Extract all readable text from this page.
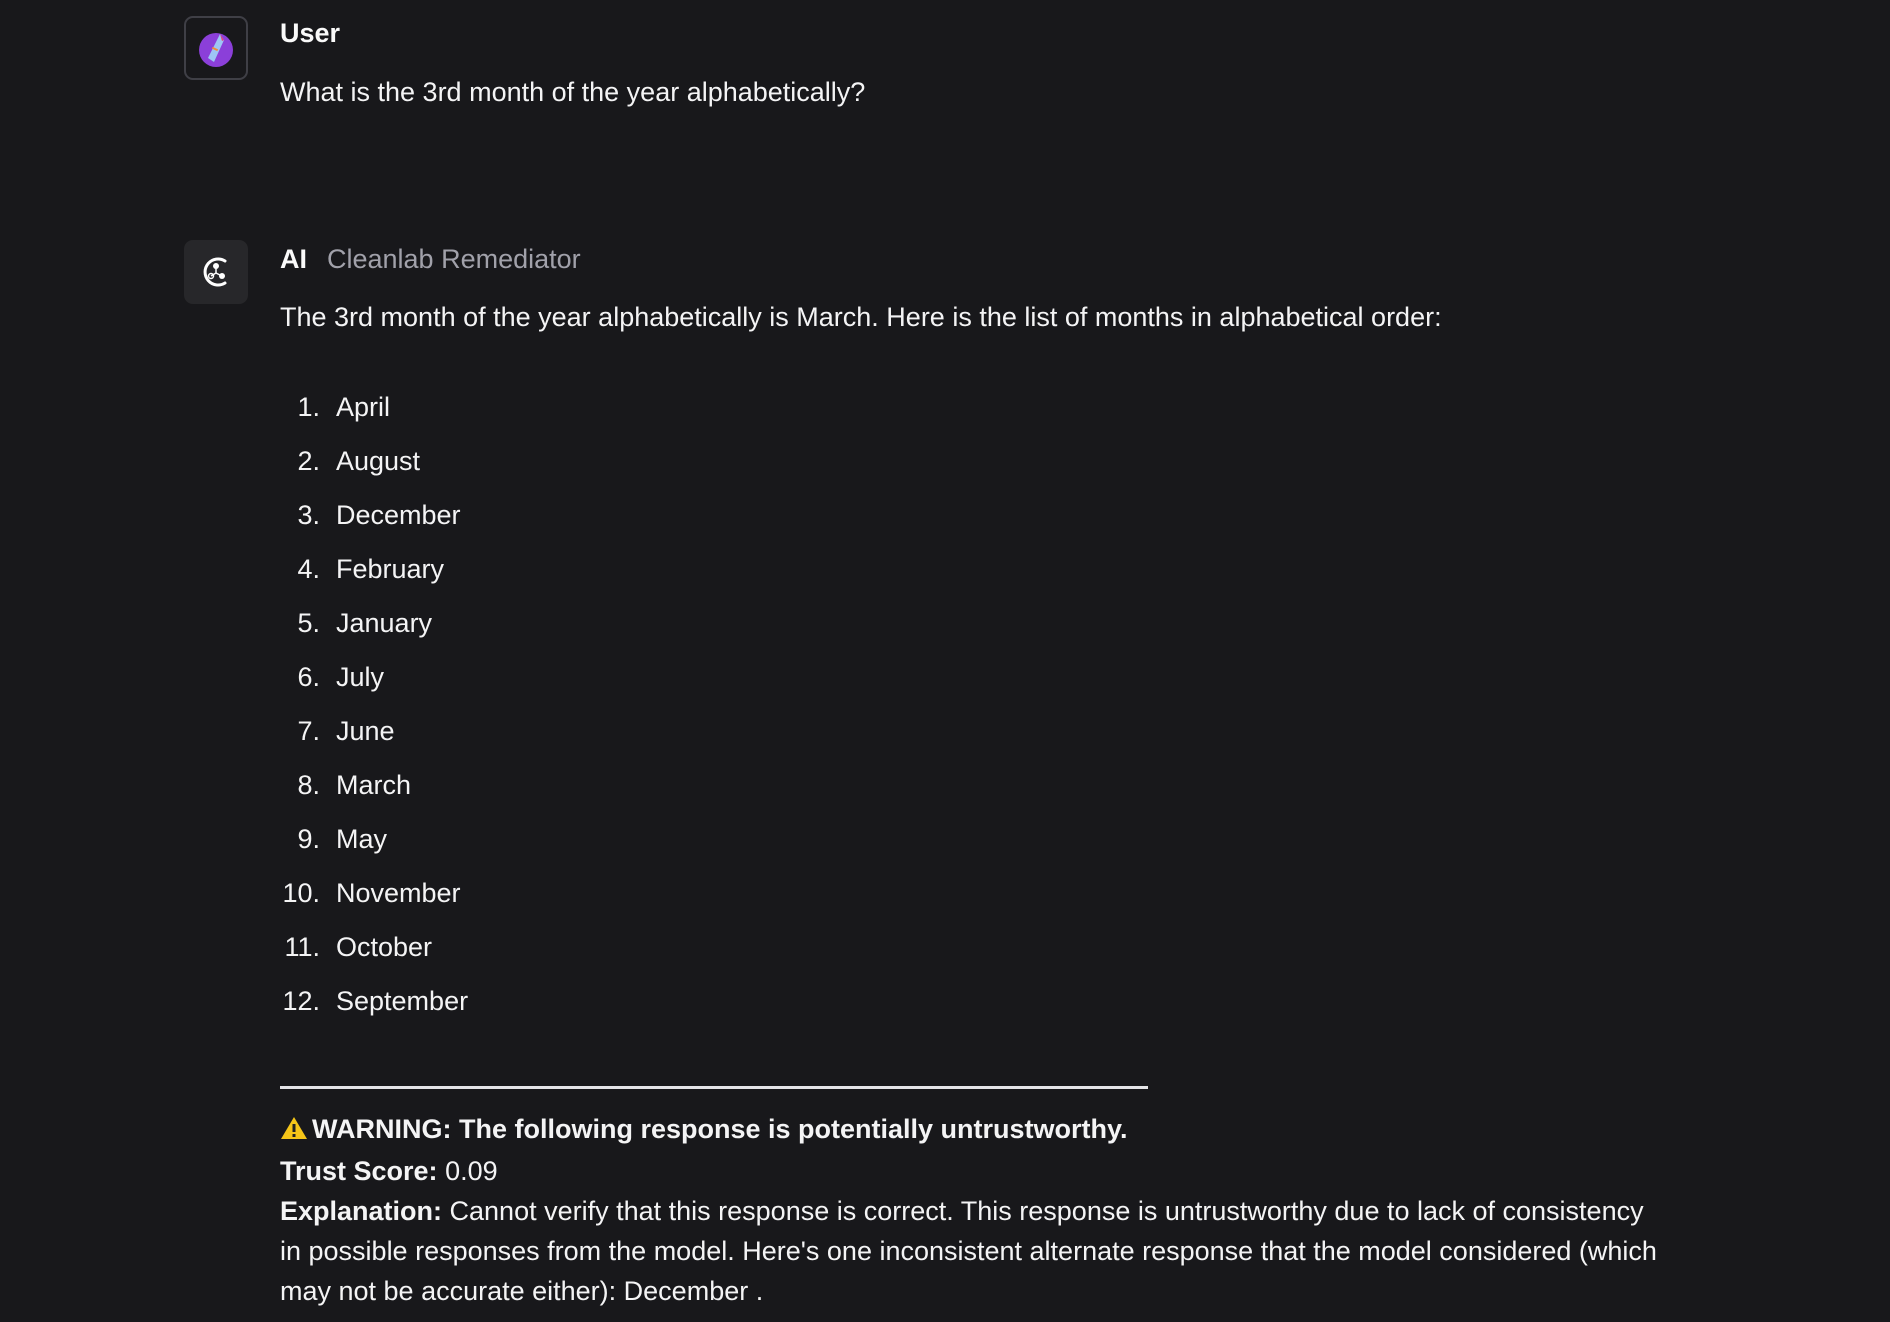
User
What is the 3rd month of the year alphabetically?
AI Cleanlab Remediator
The 3rd month of the year alphabetically is March. Here is the list of months in alphabetical order:
1. April
2. August
3. December
4. February
5. January
6. July
7. June
8. March
9. May
10. November
11. October
12. September
WARNING: The following response is potentially untrustworthy.
Trust Score: 0.09
Explanation: Cannot verify that this response is correct. This response is untrustworthy due to lack of consistency in possible responses from the model. Here's one inconsistent alternate response that the model considered (which may not be accurate either): December .
